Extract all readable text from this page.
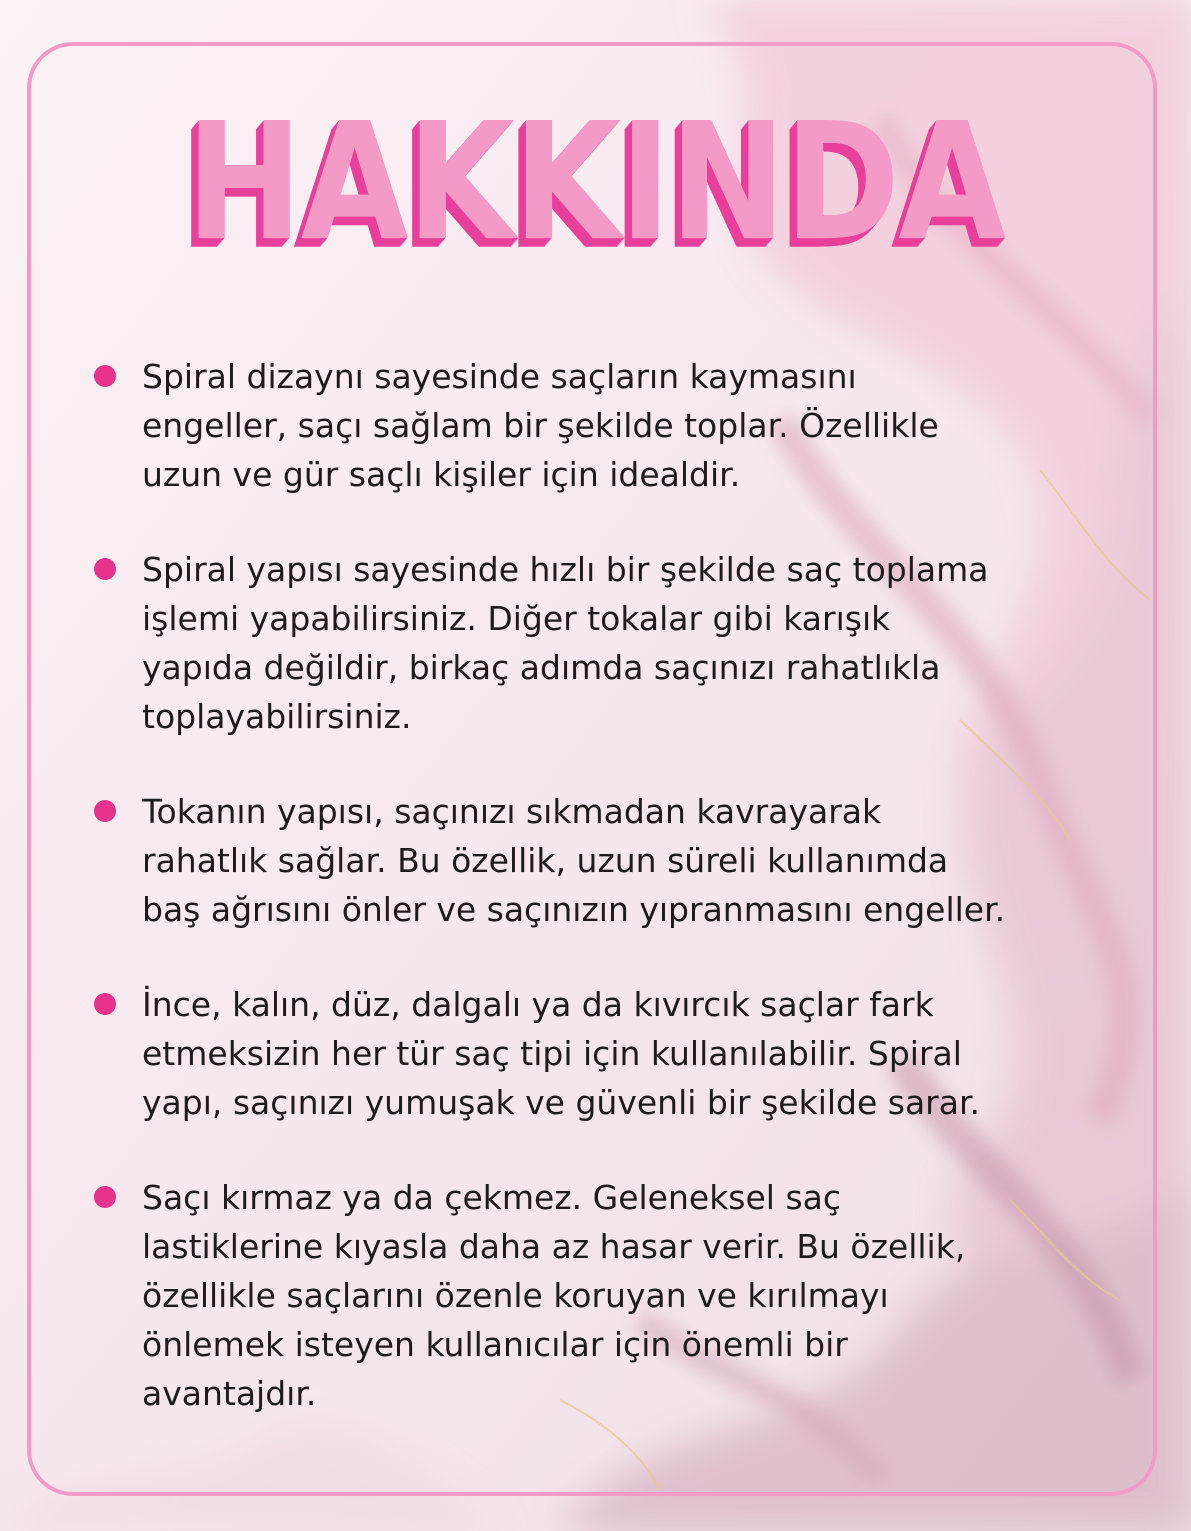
HAKKINDA
Spiral dizaynı sayesinde saçların kaymasını
engeller, saçı sağlam bir şekilde toplar. Özellikle
uzun ve gür saçlı kişiler için idealdir.
Spiral yapısı sayesinde hızlı bir şekilde saç toplama
işlemi yapabilirsiniz. Diğer tokalar gibi karışık
yapıda değildir, birkaç adımda saçınızı rahatlıkla
toplayabilirsiniz.
Tokanın yapısı, saçınızı sıkmadan kavrayarak
rahatlık sağlar. Bu özellik, uzun süreli kullanımda
baş ağrısını önler ve saçınızın yıpranmasını engeller.
İnce, kalın, düz, dalgalı ya da kıvırcık saçlar fark
etmeksizin her tür saç tipi için kullanılabilir. Spiral
yapı, saçınızı yumuşak ve güvenli bir şekilde sarar.
Saçı kırmaz ya da çekmez. Geleneksel saç
lastiklerine kıyasla daha az hasar verir. Bu özellik,
özellikle saçlarını özenle koruyan ve kırılmayı
önlemek isteyen kullanıcılar için önemli bir
avantajdır.
